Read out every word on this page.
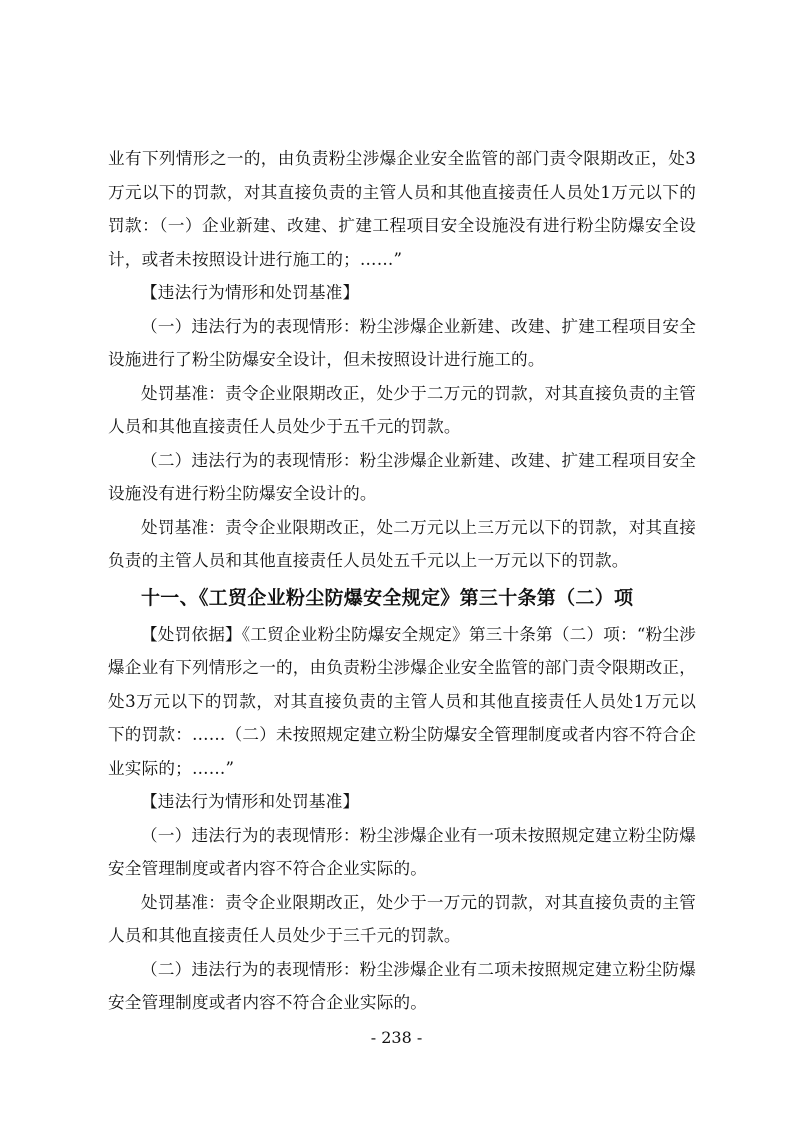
业有下列情形之一的，由负责粉尘涉爆企业安全监管的部门责令限期改正，处3万元以下的罚款，对其直接负责的主管人员和其他直接责任人员处1万元以下的罚款：（一）企业新建、改建、扩建工程项目安全设施没有进行粉尘防爆安全设计，或者未按照设计进行施工的；……”

【违法行为情形和处罚基准】

（一）违法行为的表现情形：粉尘涉爆企业新建、改建、扩建工程项目安全设施进行了粉尘防爆安全设计，但未按照设计进行施工的。

处罚基准：责令企业限期改正，处少于二万元的罚款，对其直接负责的主管人员和其他直接责任人员处少于五千元的罚款。

（二）违法行为的表现情形：粉尘涉爆企业新建、改建、扩建工程项目安全设施没有进行粉尘防爆安全设计的。

处罚基准：责令企业限期改正，处二万元以上三万元以下的罚款，对其直接负责的主管人员和其他直接责任人员处五千元以上一万元以下的罚款。

十一、《工贸企业粉尘防爆安全规定》第三十条第（二）项

【处罚依据】《工贸企业粉尘防爆安全规定》第三十条第（二）项：“粉尘涉爆企业有下列情形之一的，由负责粉尘涉爆企业安全监管的部门责令限期改正，处3万元以下的罚款，对其直接负责的主管人员和其他直接责任人员处1万元以下的罚款：……（二）未按照规定建立粉尘防爆安全管理制度或者内容不符合企业实际的；……”

【违法行为情形和处罚基准】

（一）违法行为的表现情形：粉尘涉爆企业有一项未按照规定建立粉尘防爆安全管理制度或者内容不符合企业实际的。

处罚基准：责令企业限期改正，处少于一万元的罚款，对其直接负责的主管人员和其他直接责任人员处少于三千元的罚款。

（二）违法行为的表现情形：粉尘涉爆企业有二项未按照规定建立粉尘防爆安全管理制度或者内容不符合企业实际的。

- 238 -
